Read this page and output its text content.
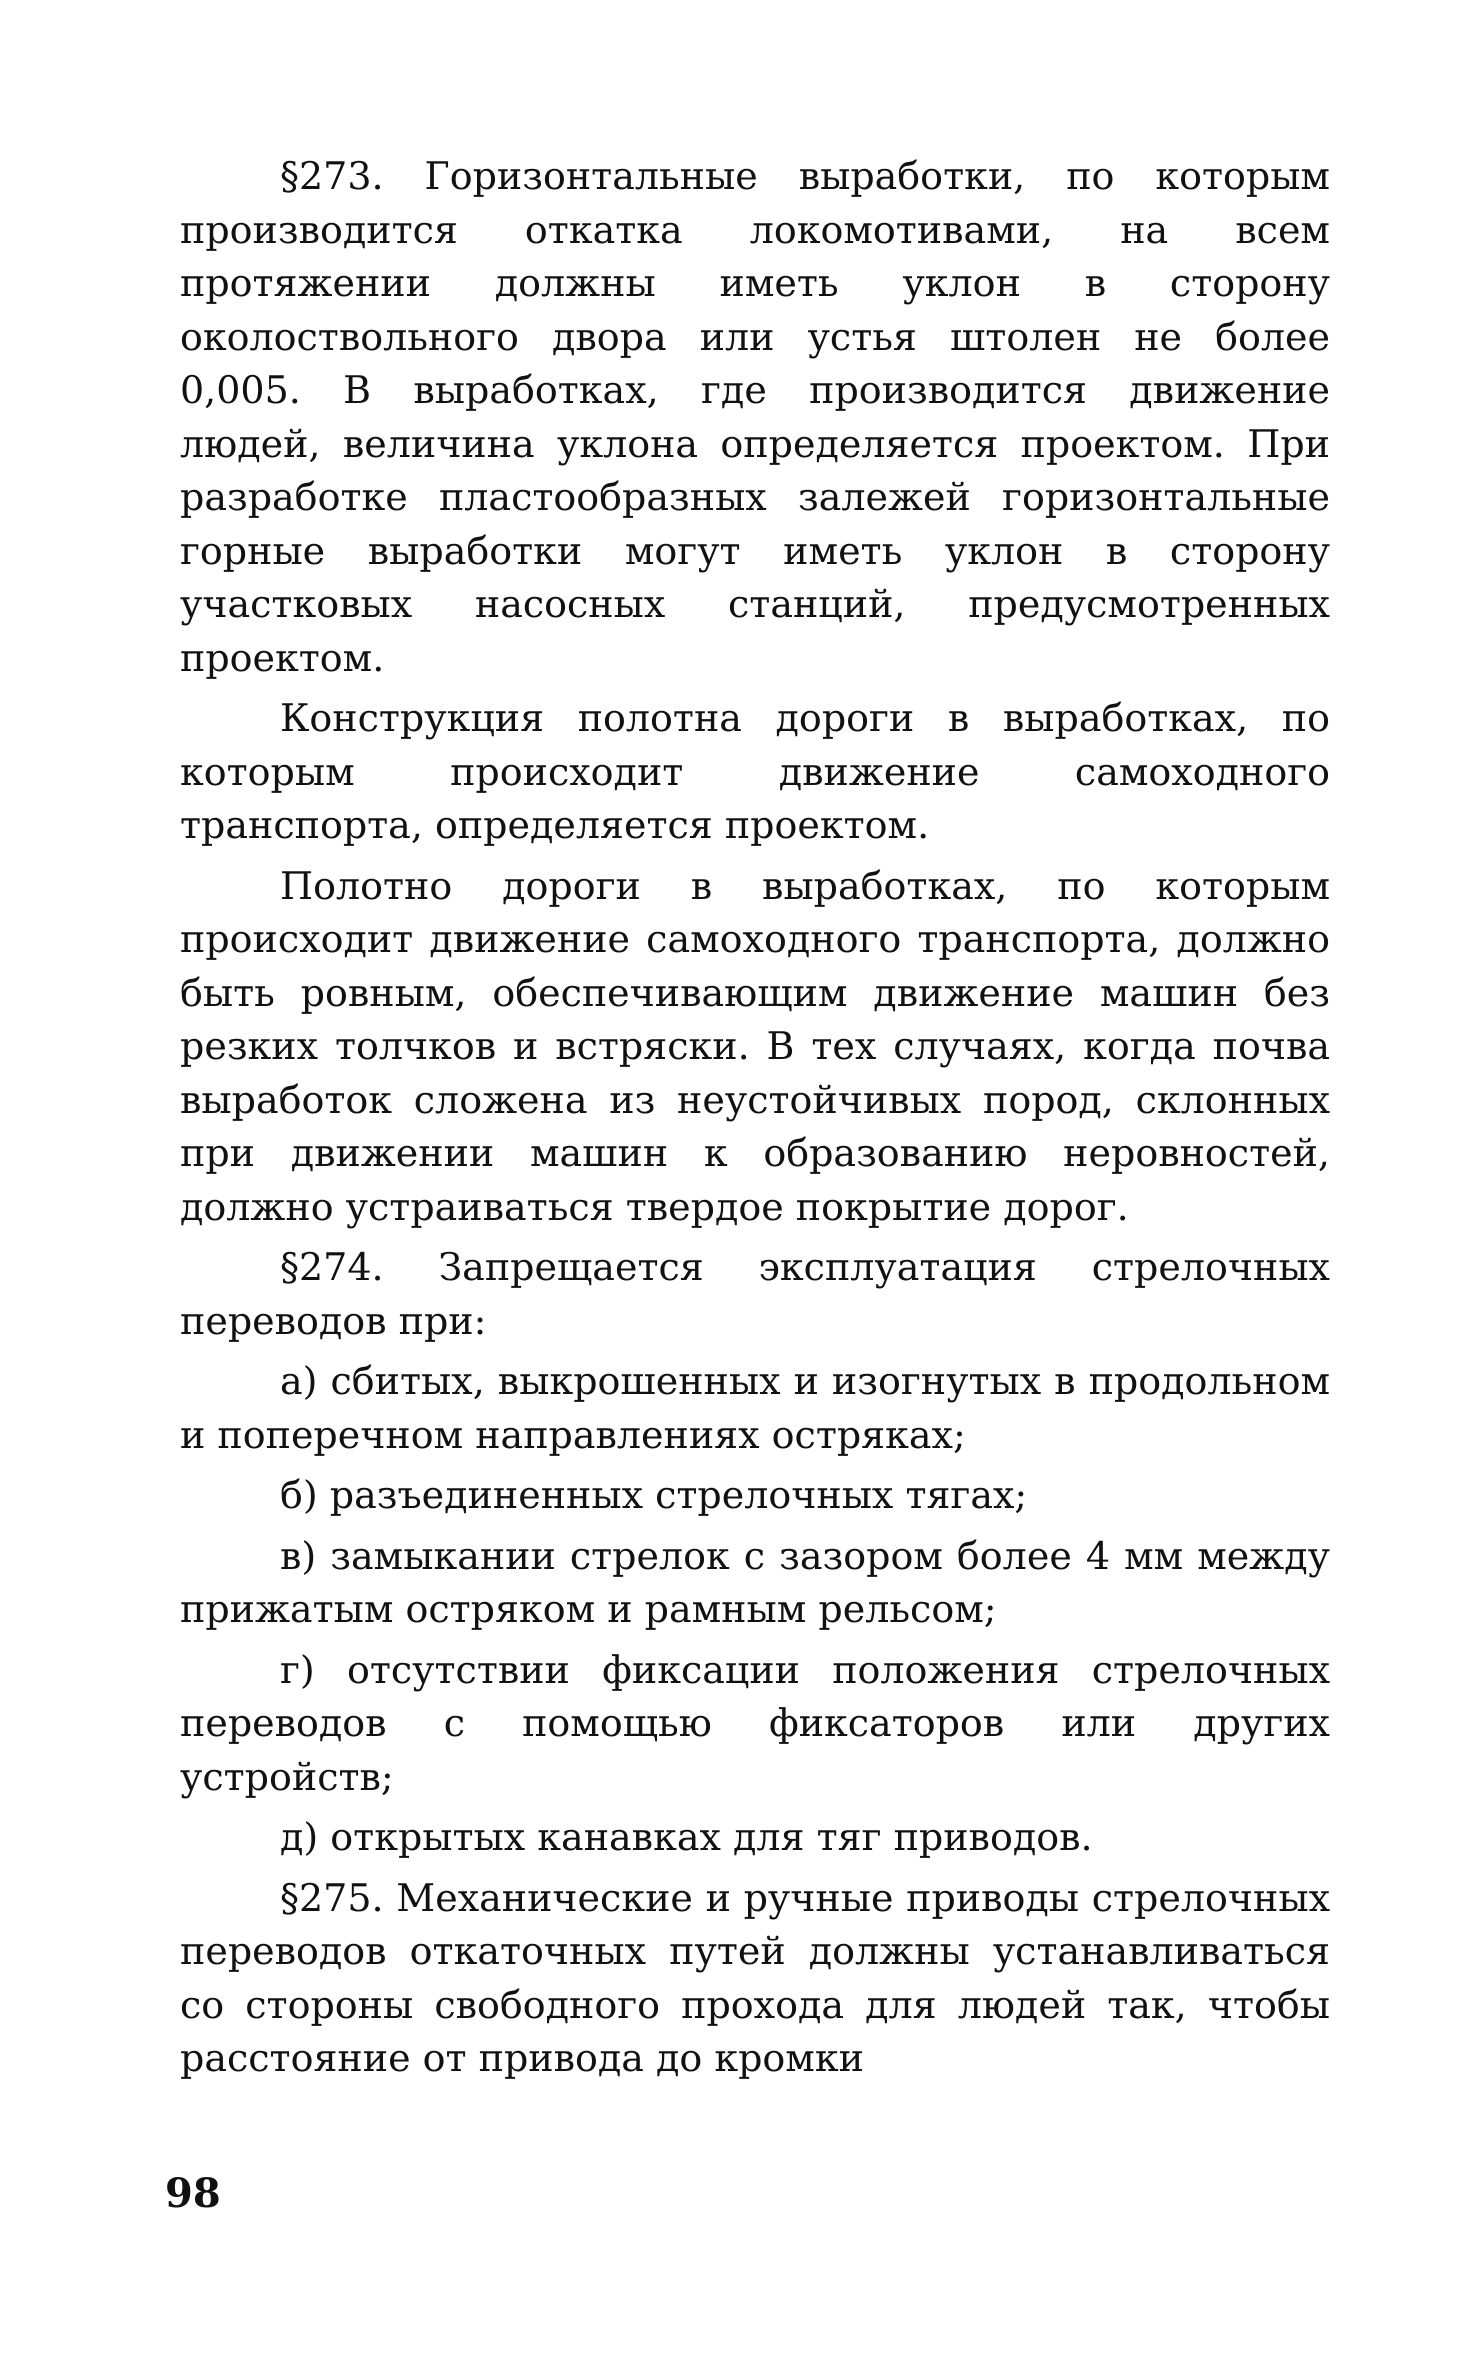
§273. Горизонтальные выработки, по которым производится откатка локомотивами, на всем протяжении должны иметь уклон в сторону околоствольного двора или устья штолен не более 0,005. В выработках, где производится движение людей, величина уклона определяется проектом. При разработке пластообразных залежей горизонтальные горные выработки могут иметь уклон в сторону участковых насосных станций, предусмотренных проектом.

Конструкция полотна дороги в выработках, по которым происходит движение самоходного транспорта, определяется проектом.

Полотно дороги в выработках, по которым происходит движение самоходного транспорта, должно быть ровным, обеспечивающим движение машин без резких толчков и встряски. В тех случаях, когда почва выработок сложена из неустойчивых пород, склонных при движении машин к образованию неровностей, должно устраиваться твердое покрытие дорог.

§274. Запрещается эксплуатация стрелочных переводов при:

а) сбитых, выкрошенных и изогнутых в продольном и поперечном направлениях остряках;

б) разъединенных стрелочных тягах;

в) замыкании стрелок с зазором более 4 мм между прижатым остряком и рамным рельсом;

г) отсутствии фиксации положения стрелочных переводов с помощью фиксаторов или других устройств;

д) открытых канавках для тяг приводов.

§275. Механические и ручные приводы стрелочных переводов откаточных путей должны устанавливаться со стороны свободного прохода для людей так, чтобы расстояние от привода до кромки

98
